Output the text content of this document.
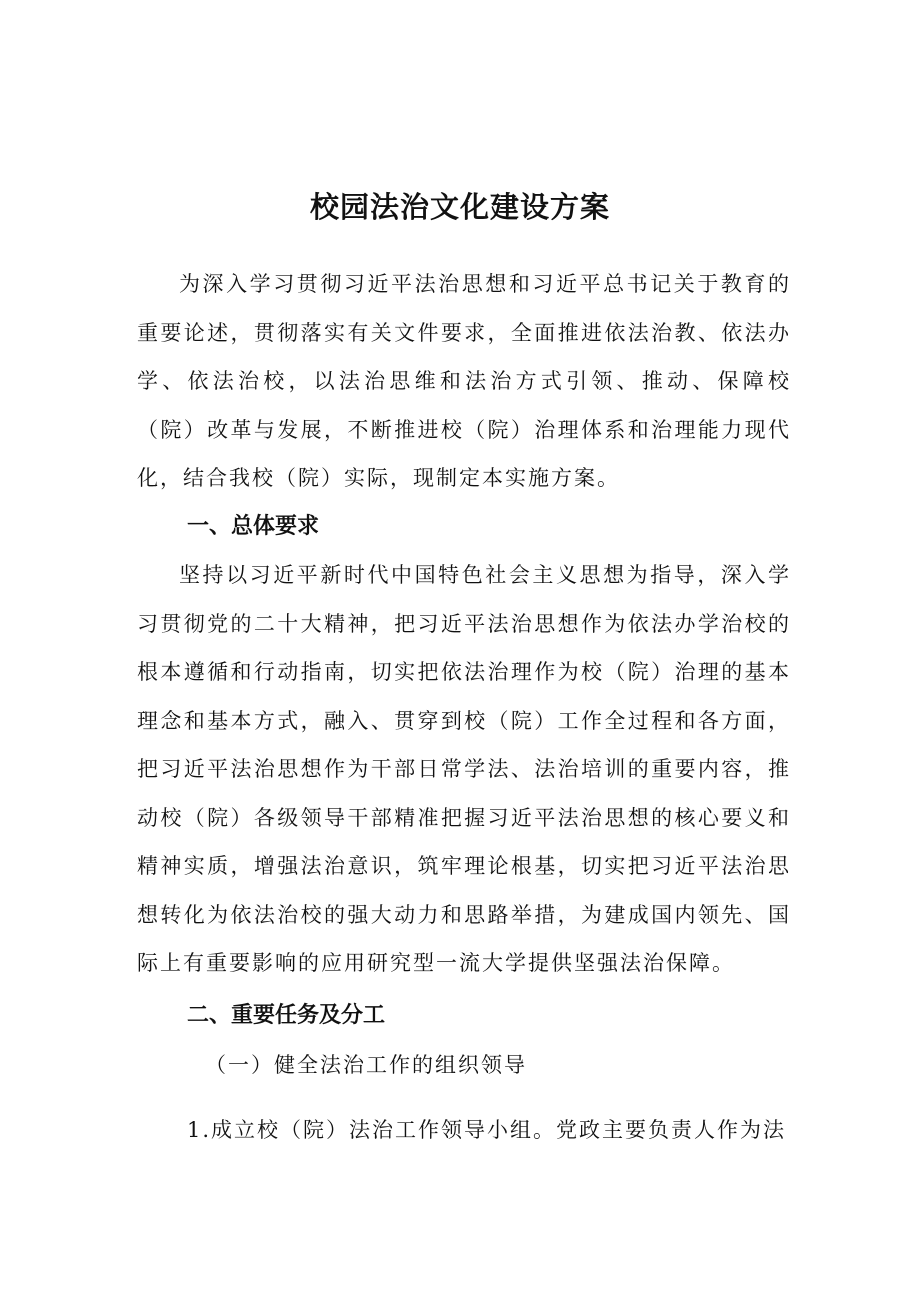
校园法治文化建设方案

为深入学习贯彻习近平法治思想和习近平总书记关于教育的重要论述，贯彻落实有关文件要求，全面推进依法治教、依法办学、依法治校，以法治思维和法治方式引领、推动、保障校（院）改革与发展，不断推进校（院）治理体系和治理能力现代化，结合我校（院）实际，现制定本实施方案。

一、总体要求

坚持以习近平新时代中国特色社会主义思想为指导，深入学习贯彻党的二十大精神，把习近平法治思想作为依法办学治校的根本遵循和行动指南，切实把依法治理作为校（院）治理的基本理念和基本方式，融入、贯穿到校（院）工作全过程和各方面，把习近平法治思想作为干部日常学法、法治培训的重要内容，推动校（院）各级领导干部精准把握习近平法治思想的核心要义和精神实质，增强法治意识，筑牢理论根基，切实把习近平法治思想转化为依法治校的强大动力和思路举措，为建成国内领先、国际上有重要影响的应用研究型一流大学提供坚强法治保障。

二、重要任务及分工

（一）健全法治工作的组织领导

1.成立校（院）法治工作领导小组。党政主要负责人作为法
